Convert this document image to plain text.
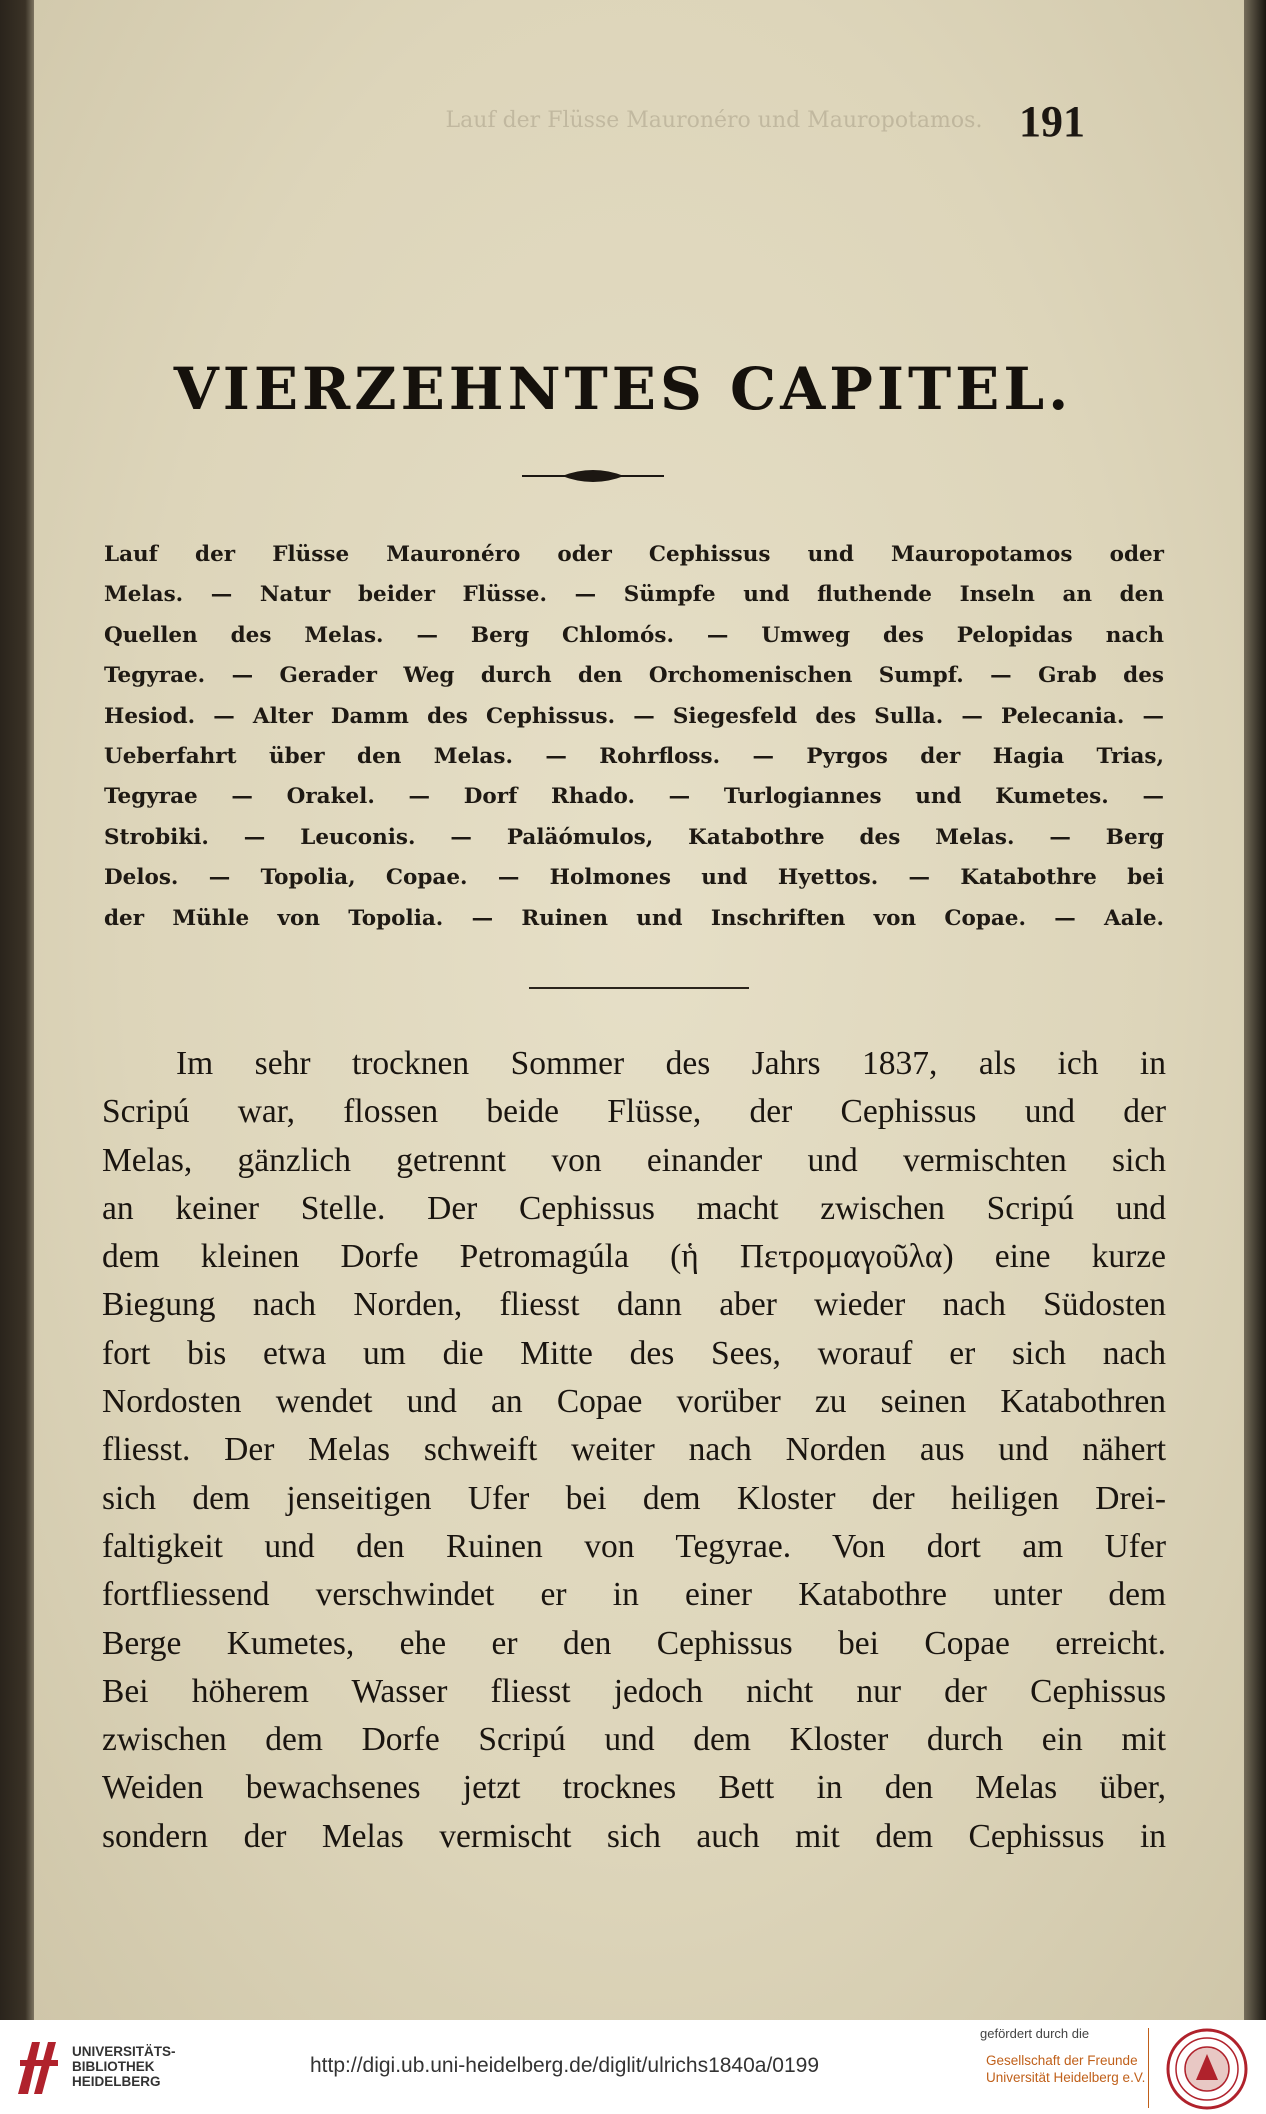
Lauf der Flüsse Mauronéro und Mauropotamos. 191
VIERZEHNTES CAPITEL.
Lauf der Flüsse Mauronéro oder Cephissus und Mauropotamos oder
Melas. — Natur beider Flüsse. — Sümpfe und fluthende Inseln an den
Quellen des Melas. — Berg Chlomós. — Umweg des Pelopidas nach
Tegyrae. — Gerader Weg durch den Orchomenischen Sumpf. — Grab des
Hesiod. — Alter Damm des Cephissus. — Siegesfeld des Sulla. — Pelecania. —
Ueberfahrt über den Melas. — Rohrfloss. — Pyrgos der Hagia Trias,
Tegyrae — Orakel. — Dorf Rhado. — Turlogiannes und Kumetes. —
Strobiki. — Leuconis. — Paläómulos, Katabothre des Melas. — Berg
Delos. — Topolia, Copae. — Holmones und Hyettos. — Katabothre bei
der Mühle von Topolia. — Ruinen und Inschriften von Copae. — Aale.
Im sehr trocknen Sommer des Jahrs 1837, als ich in
Scripú war, flossen beide Flüsse, der Cephissus und der
Melas, gänzlich getrennt von einander und vermischten sich
an keiner Stelle. Der Cephissus macht zwischen Scripú und
dem kleinen Dorfe Petromagúla (ἡ Πετρομαγοῦλα) eine kurze
Biegung nach Norden, fliesst dann aber wieder nach Südosten
fort bis etwa um die Mitte des Sees, worauf er sich nach
Nordosten wendet und an Copae vorüber zu seinen Katabothren
fliesst. Der Melas schweift weiter nach Norden aus und nähert
sich dem jenseitigen Ufer bei dem Kloster der heiligen Drei-
faltigkeit und den Ruinen von Tegyrae. Von dort am Ufer
fortfliessend verschwindet er in einer Katabothre unter dem
Berge Kumetes, ehe er den Cephissus bei Copae erreicht.
Bei höherem Wasser fliesst jedoch nicht nur der Cephissus
zwischen dem Dorfe Scripú und dem Kloster durch ein mit
Weiden bewachsenes jetzt trocknes Bett in den Melas über,
sondern der Melas vermischt sich auch mit dem Cephissus in
UNIVERSITÄTS-
BIBLIOTHEK
HEIDELBERG
http://digi.ub.uni-heidelberg.de/diglit/ulrichs1840a/0199
gefördert durch die
Gesellschaft der Freunde
Universität Heidelberg e.V.
